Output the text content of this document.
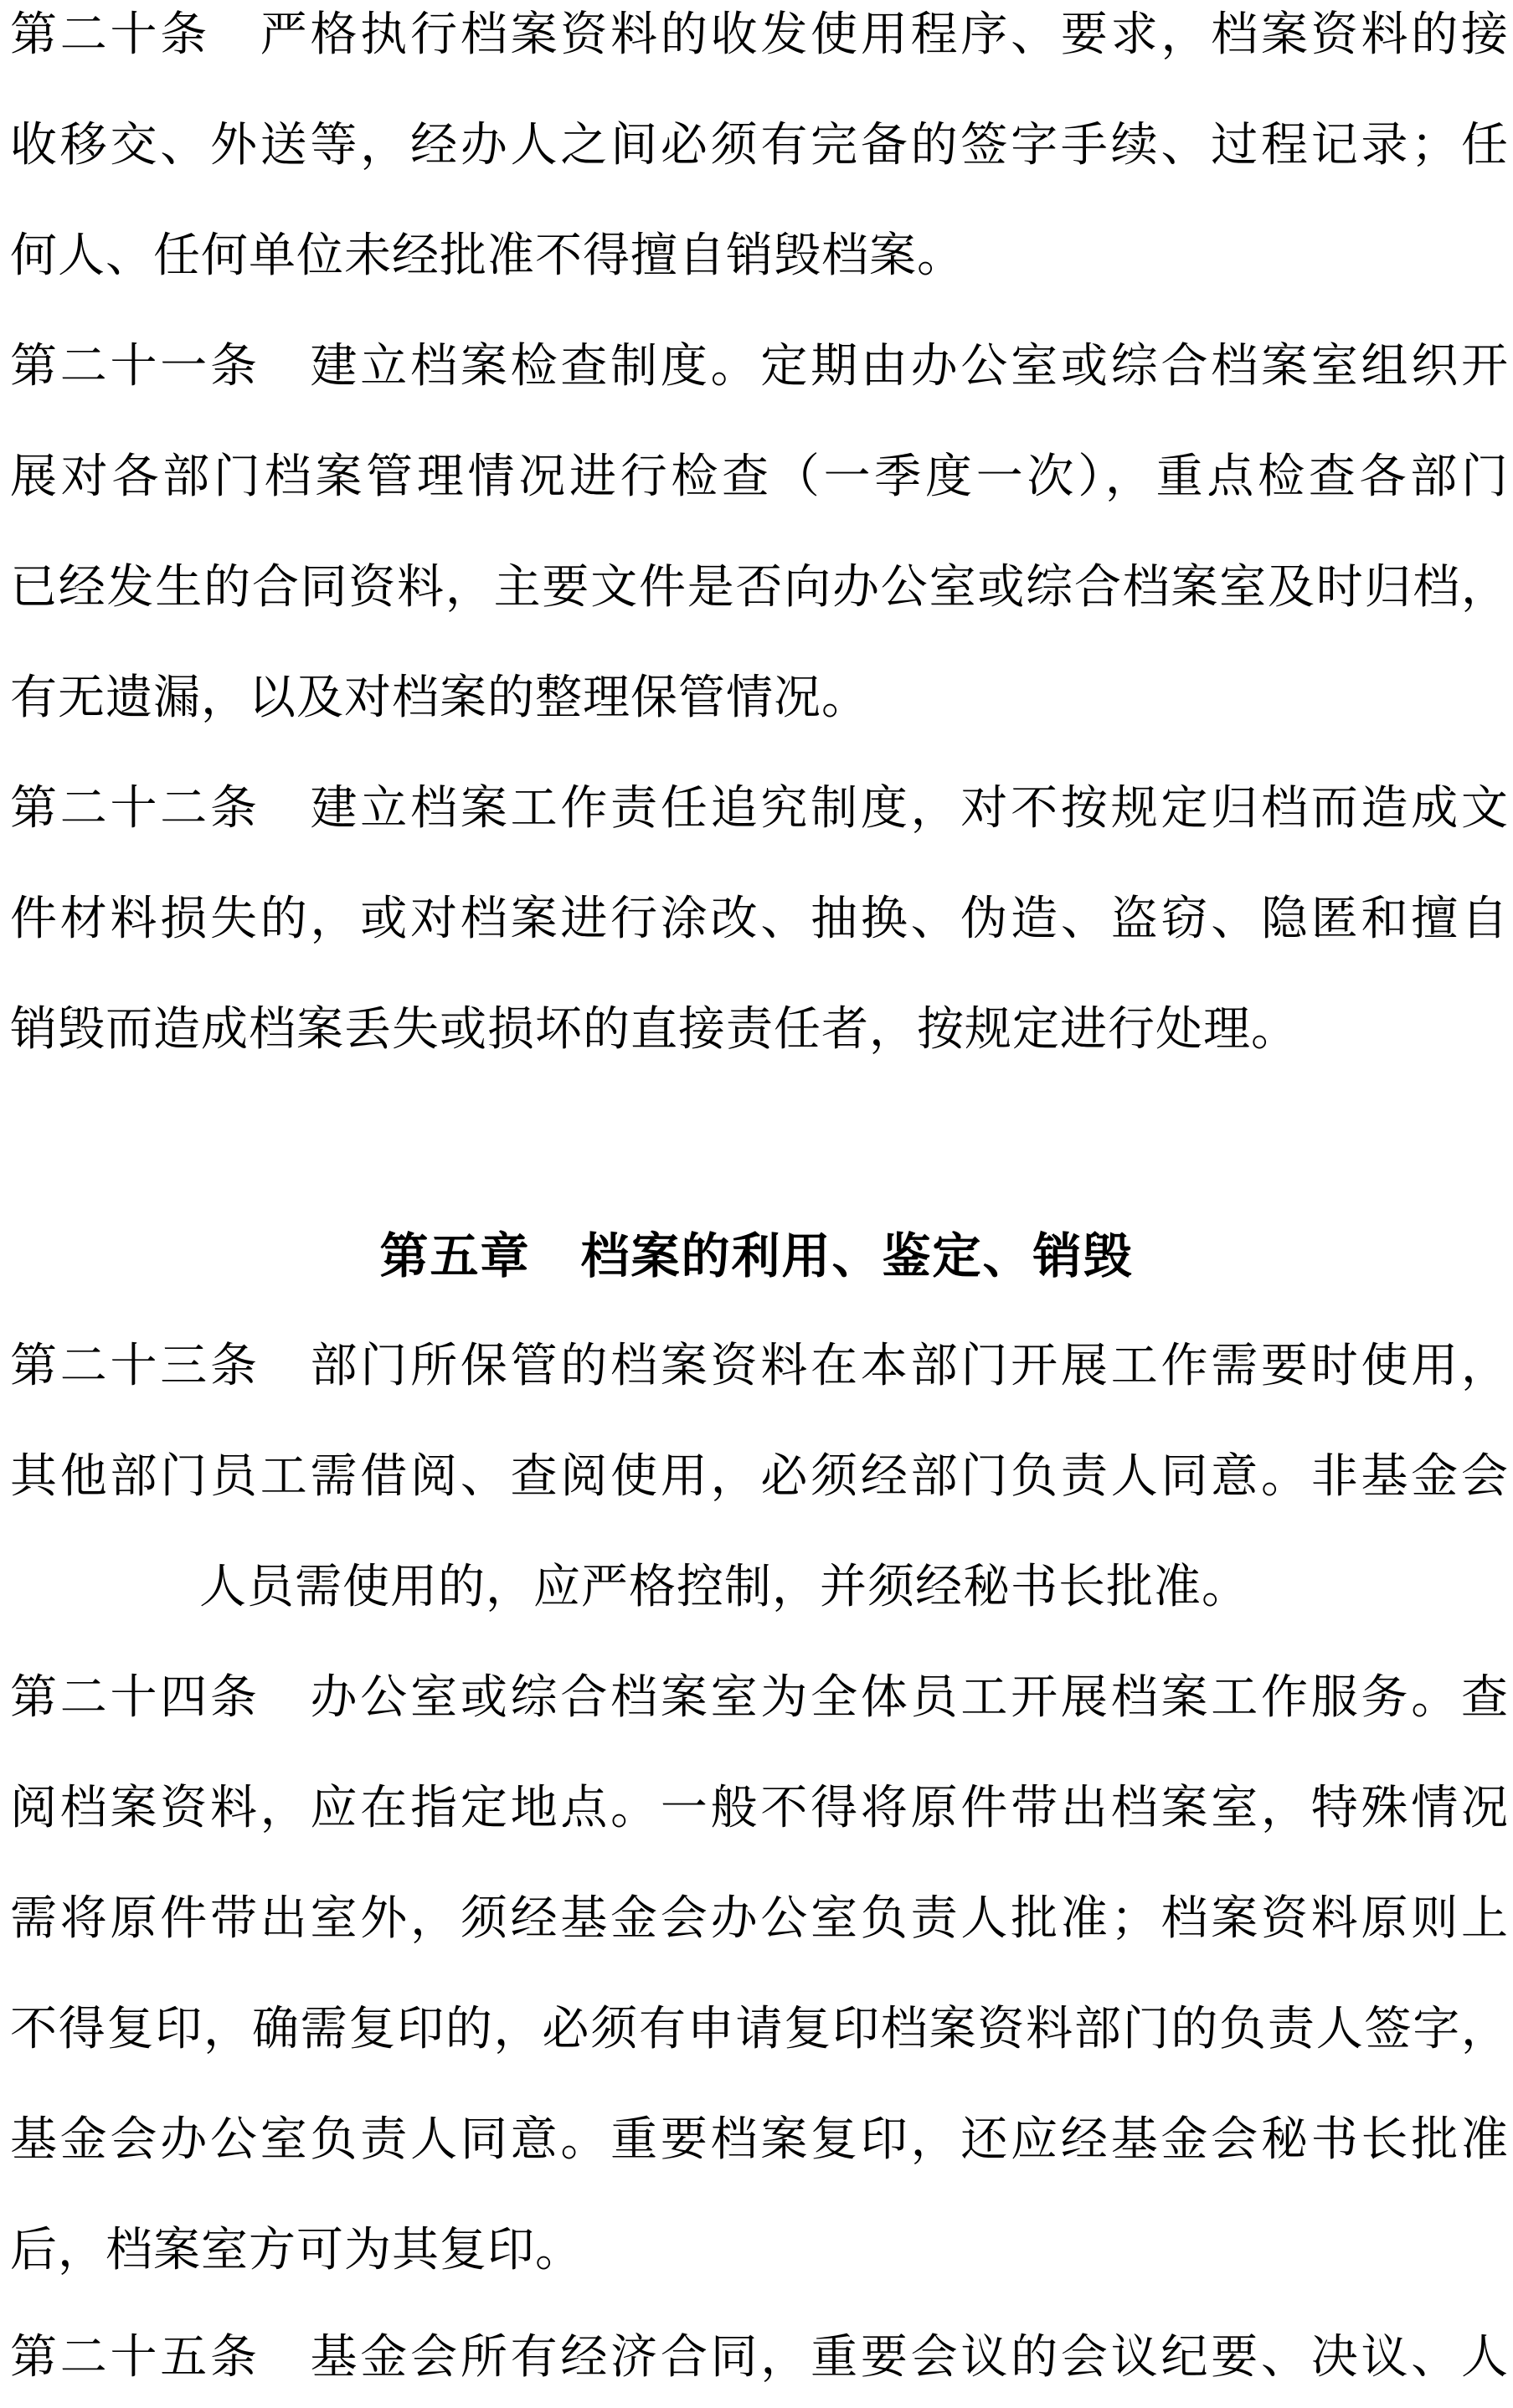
第二十条　严格执行档案资料的收发使用程序、要求，档案资料的接
收移交、外送等，经办人之间必须有完备的签字手续、过程记录；任
何人、任何单位未经批准不得擅自销毁档案。
第二十一条　建立档案检查制度。定期由办公室或综合档案室组织开
展对各部门档案管理情况进行检查（一季度一次），重点检查各部门
已经发生的合同资料，主要文件是否向办公室或综合档案室及时归档，
有无遗漏，以及对档案的整理保管情况。
第二十二条　建立档案工作责任追究制度，对不按规定归档而造成文
件材料损失的，或对档案进行涂改、抽换、伪造、盗窃、隐匿和擅自
销毁而造成档案丢失或损坏的直接责任者，按规定进行处理。
第五章　档案的利用、鉴定、销毁
第二十三条　部门所保管的档案资料在本部门开展工作需要时使用，
其他部门员工需借阅、查阅使用，必须经部门负责人同意。非基金会
人员需使用的，应严格控制，并须经秘书长批准。
第二十四条　办公室或综合档案室为全体员工开展档案工作服务。查
阅档案资料，应在指定地点。一般不得将原件带出档案室，特殊情况
需将原件带出室外，须经基金会办公室负责人批准；档案资料原则上
不得复印，确需复印的，必须有申请复印档案资料部门的负责人签字，
基金会办公室负责人同意。重要档案复印，还应经基金会秘书长批准
后，档案室方可为其复印。
第二十五条　基金会所有经济合同，重要会议的会议纪要、决议、人
